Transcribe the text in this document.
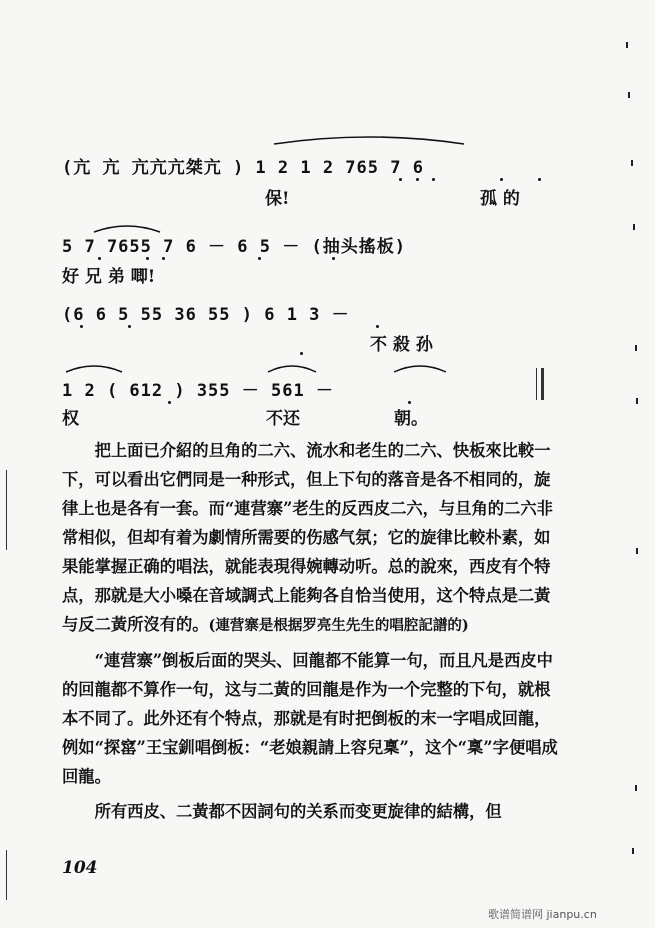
(亢 亢 亢亢亢桀亢 ) 1 2 1 2 765 7 6
保!	孤 的
5 7 7655 7 6 － 6 5 － (抽头搖板)
好 兄 弟 唧!
(6 6 5 55 36 55 ) 6 1 3 －
不 殺 孙
1 2 ( 612 ) 355 － 561 －
权	不还	朝。

把上面已介紹的旦角的二六、流水和老生的二六、快板來比較一下，可以看出它們同是一种形式，但上下句的落音是各不相同的，旋律上也是各有一套。而“連营寨”老生的反西皮二六，与旦角的二六非常相似，但却有着为劇情所需要的伤感气氛；它的旋律比較朴素，如果能掌握正确的唱法，就能表現得婉轉动听。总的說來，西皮有个特点，那就是大小嗓在音域調式上能夠各自恰当使用，这个特点是二黃与反二黃所沒有的。(連营寨是根据罗亮生先生的唱腔記譜的)

“連营寨”倒板后面的哭头、回龍都不能算一句，而且凡是西皮中的回龍都不算作一句，这与二黃的回龍是作为一个完整的下句，就根本不同了。此外还有个特点，那就是有时把倒板的末一字唱成回龍，例如“探窰”王宝釧唱倒板：“老娘親請上容兒稟”，这个“稟”字便唱成回龍。

所有西皮、二黃都不因詞句的关系而变更旋律的結構，但

104
歌谱简谱网 jianpu.cn
